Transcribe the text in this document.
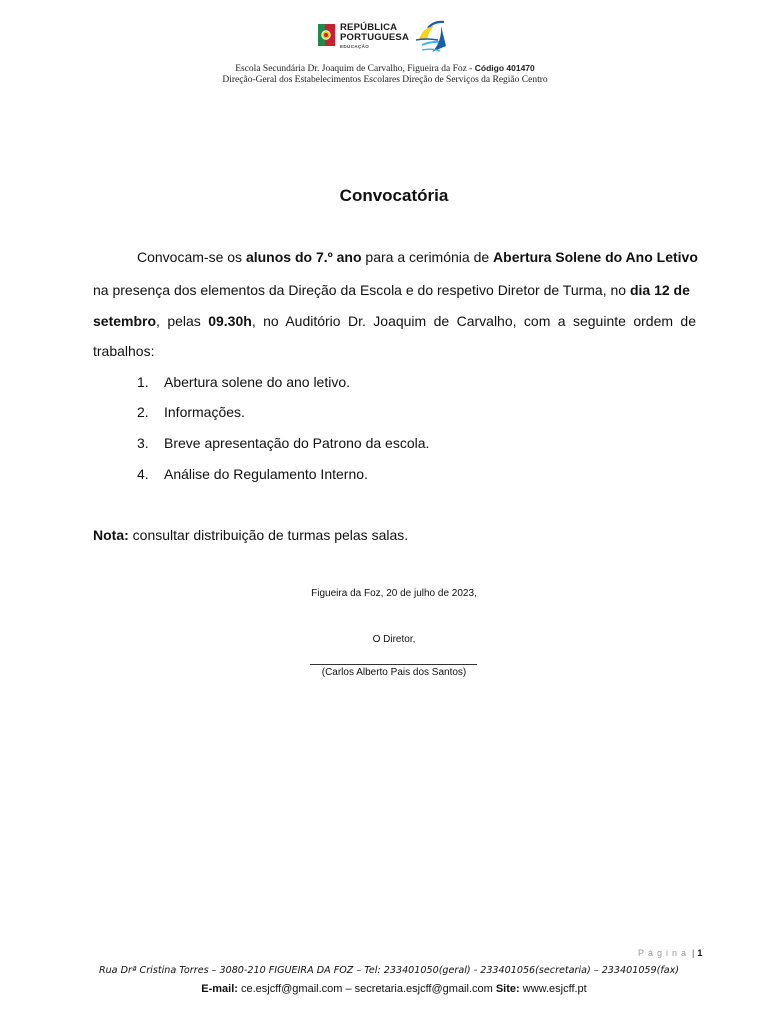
REPÚBLICA
PORTUGUESA
EDUCAÇÃO
Escola Secundária Dr. Joaquim de Carvalho, Figueira da Foz - Código 401470
Direção-Geral dos Estabelecimentos Escolares Direção de Serviços da Região Centro
Convocatória
Convocam-se os alunos do 7.º ano para a cerimónia de Abertura Solene do Ano Letivo
na presença dos elementos da Direção da Escola e do respetivo Diretor de Turma, no dia 12 de
setembro, pelas 09.30h, no Auditório Dr. Joaquim de Carvalho, com a seguinte ordem de
trabalhos:
1. Abertura solene do ano letivo.
2. Informações.
3. Breve apresentação do Patrono da escola.
4. Análise do Regulamento Interno.
Nota: consultar distribuição de turmas pelas salas.
Figueira da Foz, 20 de julho de 2023,
O Diretor,
(Carlos Alberto Pais dos Santos)
Página | 1
Rua Drª Cristina Torres – 3080-210 FIGUEIRA DA FOZ – Tel: 233401050(geral) - 233401056(secretaria) – 233401059(fax)
E-mail: ce.esjcff@gmail.com – secretaria.esjcff@gmail.com Site: www.esjcff.pt
